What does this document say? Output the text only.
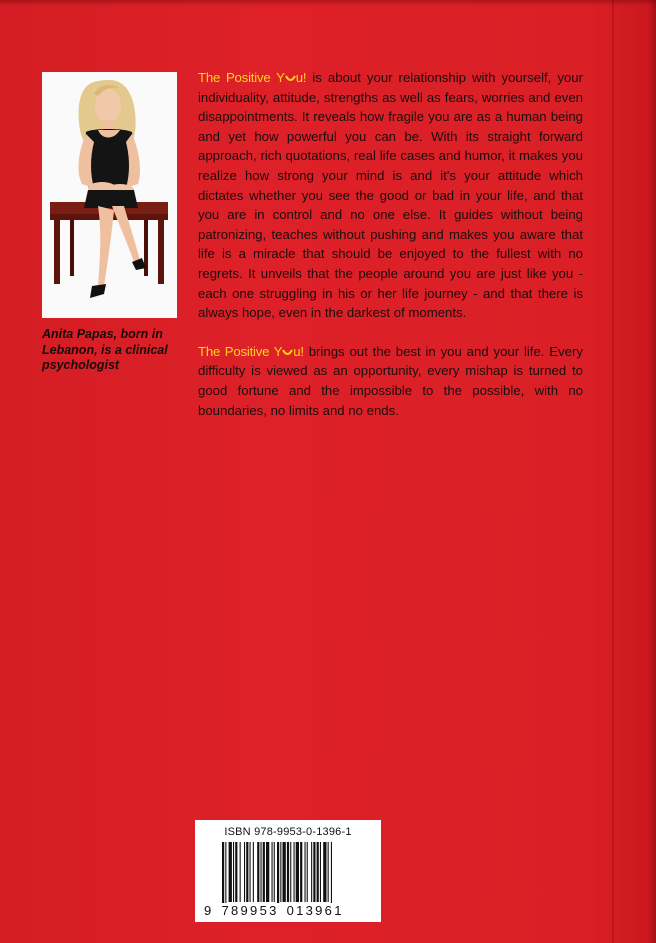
Anita Papas, born in Lebanon, is a clinical psychologist

The Positive Y u! is about your relationship with yourself, your individuality, attitude, strengths as well as fears, worries and even disappointments. It reveals how fragile you are as a human being and yet how powerful you can be. With its straight forward approach, rich quotations, real life cases and humor, it makes you realize how strong your mind is and it's your attitude which dictates whether you see the good or bad in your life, and that you are in control and no one else. It guides without being patronizing, teaches without pushing and makes you aware that life is a miracle that should be enjoyed to the fullest with no regrets. It unveils that the people around you are just like you - each one struggling in his or her life journey - and that there is always hope, even in the darkest of moments.

The Positive Y u! brings out the best in you and your life. Every difficulty is viewed as an opportunity, every mishap is turned to good fortune and the impossible to the possible, with no boundaries, no limits and no ends.

ISBN 978-9953-0-1396-1
9 789953 013961
